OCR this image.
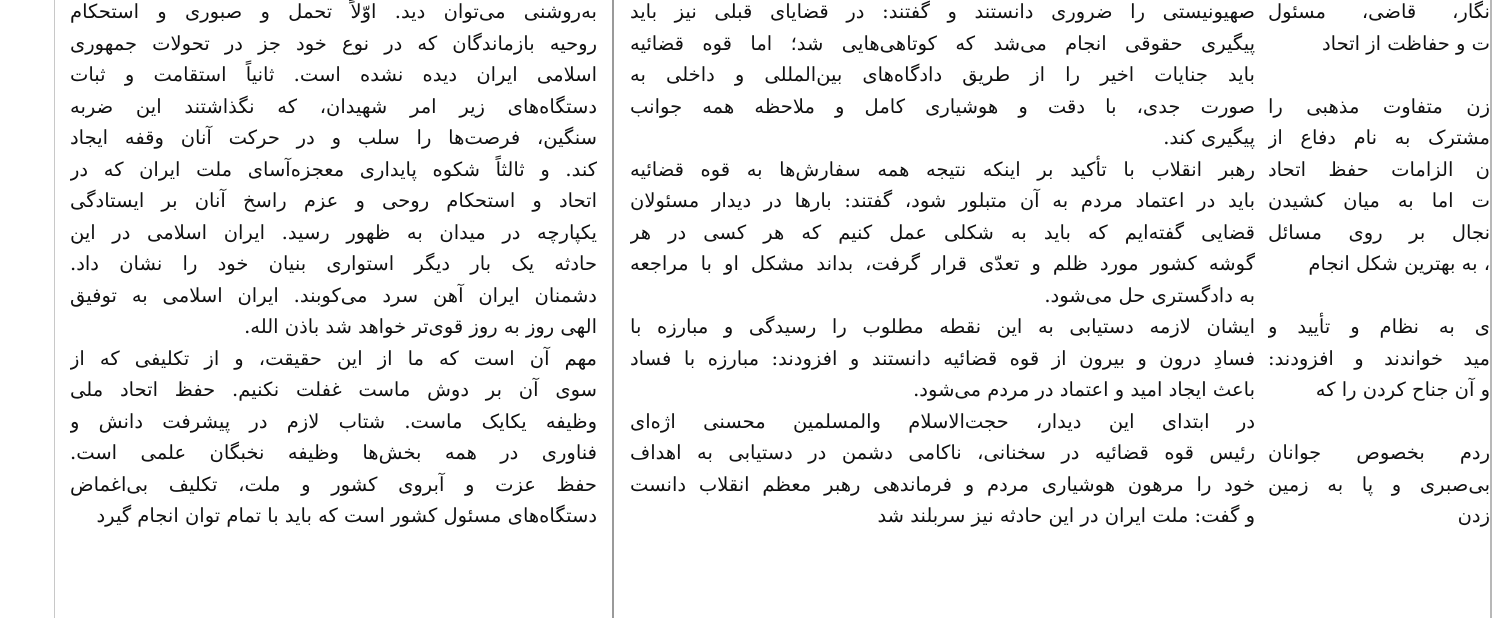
به‌روشنی می‌توان دید. اوّلاً تحمل و صبوری و استحکام
روحیه بازماندگان که در نوع خود جز در تحولات جمهوری
اسلامی ایران دیده نشده است. ثانیاً استقامت و ثبات
دستگاه‌های زیر امر شهیدان، که نگذاشتند این ضربه
سنگین، فرصت‌ها را سلب و در حرکت آنان وقفه ایجاد
کند. و ثالثاً شکوه پایداری معجزه‌آسای ملت ایران که در
اتحاد و استحکام روحی و عزم راسخ آنان بر ایستادگی
یکپارچه در میدان به ظهور رسید. ایران اسلامی در این
حادثه یک بار دیگر استواری بنیان خود را نشان داد.
دشمنان ایران آهن سرد می‌کوبند. ایران اسلامی به توفیق
الهی روز به روز قوی‌تر خواهد شد باذن الله.
مهم آن است که ما از این حقیقت، و از تکلیفی که از
سوی آن بر دوش ماست غفلت نکنیم. حفظ اتحاد ملی
وظیفه یکایک ماست. شتاب لازم در پیشرفت دانش و
فناوری در همه بخش‌ها وظیفه نخبگان علمی است.
حفظ عزت و آبروی کشور و ملت، تکلیف بی‌اغماض
دستگاه‌های مسئول کشور است که باید با تمام توان انجام گیرد
صهیونیستی را ضروری دانستند و گفتند: در قضایای قبلی نیز باید
پیگیری حقوقی انجام می‌شد که کوتاهی‌هایی شد؛ اما قوه قضائیه
باید جنایات اخیر را از طریق دادگاه‌های بین‌المللی و داخلی به
صورت جدی، با دقت و هوشیاری کامل و ملاحظه همه جوانب
پیگیری کند.
رهبر انقلاب با تأکید بر اینکه نتیجه همه سفارش‌ها به قوه قضائیه
باید در اعتماد مردم به آن متبلور شود، گفتند: بارها در دیدار مسئولان
قضایی گفته‌ایم که باید به شکلی عمل کنیم که هر کسی در هر
گوشه کشور مورد ظلم و تعدّی قرار گرفت، بداند مشکل او با مراجعه
به دادگستری حل می‌شود.
ایشان لازمه دستیابی به این نقطه مطلوب را رسیدگی و مبارزه با
فسادِ درون و بیرون از قوه قضائیه دانستند و افزودند: مبارزه با فساد
باعث ایجاد امید و اعتماد در مردم می‌شود.
در ابتدای این دیدار، حجت‌الاسلام والمسلمین محسنی اژه‌ای
رئیس قوه قضائیه در سخنانی، ناکامی دشمن در دستیابی به اهداف
خود را مرهون هوشیاری مردم و فرماندهی رهبر معظم انقلاب دانست
و گفت: ملت ایران در این حادثه نیز سربلند شد
نگار، قاضی، مسئول
ت و حفاظت از اتحاد
زن متفاوت مذهبی را
مشترک به نام دفاع از
ن الزامات حفظ اتحاد
ت اما به میان کشیدن
نجال بر روی مسائل
، به بهترین شکل انجام
ی به نظام و تأیید و
مید خواندند و افزودند:
و آن جناح کردن را که
ردم بخصوص جوانان
بی‌صبری و پا به زمین
زدن
